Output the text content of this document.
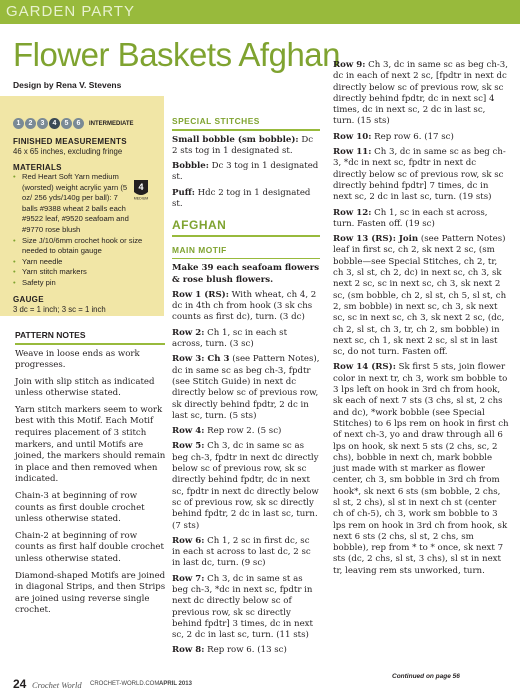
GARDEN PARTY
Flower Baskets Afghan
Design by Rena V. Stevens
1	2	3	4	5	6	INTERMEDIATE
FINISHED MEASUREMENTS
46 x 65 inches, excluding fringe
MATERIALS
4
MEDIUM
• Red Heart Soft Yarn medium (worsted) weight acrylic yarn (5 oz/ 256 yds/140g per ball): 7 balls #9388 wheat 2 balls each #9522 leaf, #9520 seafoam and #9770 rose blush
• Size J/10/6mm crochet hook or size needed to obtain gauge
• Yarn needle
• Yarn stitch markers
• Safety pin
GAUGE
3 dc = 1 inch; 3 sc = 1 inch
PATTERN NOTES

Weave in loose ends as work progresses.

Join with slip stitch as indicated unless otherwise stated.

Yarn stitch markers seem to work best with this Motif. Each Motif requires placement of 3 stitch markers, and until Motifs are joined, the markers should remain in place and then removed when indicated.

Chain-3 at beginning of row counts as first double crochet unless otherwise stated.

Chain-2 at beginning of row counts as first half double crochet unless otherwise stated.

Diamond-shaped Motifs are joined in diagonal Strips, and then Strips are joined using reverse single crochet.

SPECIAL STITCHES

Small bobble (sm bobble): Dc 2 sts tog in 1 designated st.

Bobble: Dc 3 tog in 1 designated st.

Puff: Hdc 2 tog in 1 designated st.

AFGHAN
MAIN MOTIF

Make 39 each seafoam flowers & rose blush flowers.

Row 1 (RS): With wheat, ch 4, 2 dc in 4th ch from hook (3 sk chs counts as first dc), turn. (3 dc)

Row 2: Ch 1, sc in each st across, turn. (3 sc)

Row 3: Ch 3 (see Pattern Notes), dc in same sc as beg ch-3, fpdtr (see Stitch Guide) in next dc directly below sc of previous row, sk directly behind fpdtr, 2 dc in last sc, turn. (5 sts)

Row 4: Rep row 2. (5 sc)

Row 5: Ch 3, dc in same sc as beg ch-3, fpdtr in next dc directly below sc of previous row, sk sc directly behind fpdtr, dc in next sc, fpdtr in next dc directly below sc of previous row, sk sc directly behind fpdtr, 2 dc in last sc, turn. (7 sts)

Row 6: Ch 1, 2 sc in first dc, sc in each st across to last dc, 2 sc in last dc, turn. (9 sc)

Row 7: Ch 3, dc in same st as beg ch-3, *dc in next sc, fpdtr in next dc directly below sc of previous row, sk sc directly behind fpdtr] 3 times, dc in next sc, 2 dc in last sc, turn. (11 sts)

Row 8: Rep row 6. (13 sc)

Row 9: Ch 3, dc in same sc as beg ch-3, dc in each of next 2 sc, [fpdtr in next dc directly below sc of previous row, sk sc directly behind fpdtr, dc in next sc] 4 times, dc in next sc, 2 dc in last sc, turn. (15 sts)

Row 10: Rep row 6. (17 sc)

Row 11: Ch 3, dc in same sc as beg ch-3, *dc in next sc, fpdtr in next dc directly below sc of previous row, sk sc directly behind fpdtr] 7 times, dc in next sc, 2 dc in last sc, turn. (19 sts)

Row 12: Ch 1, sc in each st across, turn. Fasten off. (19 sc)

Row 13 (RS): Join (see Pattern Notes) leaf in first sc, ch 2, sk next 2 sc, (sm bobble—see Special Stitches, ch 2, tr, ch 3, sl st, ch 2, dc) in next sc, ch 3, sk next 2 sc, sc in next sc, ch 3, sk next 2 sc, (sm bobble, ch 2, sl st, ch 5, sl st, ch 2, sm bobble) in next sc, ch 3, sk next sc, sc in next sc, ch 3, sk next 2 sc, (dc, ch 2, sl st, ch 3, tr, ch 2, sm bobble) in next sc, ch 1, sk next 2 sc, sl st in last sc, do not turn. Fasten off.

Row 14 (RS): Sk first 5 sts, join flower color in next tr, ch 3, work sm bobble to 3 lps left on hook in 3rd ch from hook, sk each of next 7 sts (3 chs, sl st, 2 chs and dc), *work bobble (see Special Stitches) to 6 lps rem on hook in first ch of next ch-3, yo and draw through all 6 lps on hook, sk next 5 sts (2 chs, sc, 2 chs), bobble in next ch, mark bobble just made with st marker as flower center, ch 3, sm bobble in 3rd ch from hook*, sk next 6 sts (sm bobble, 2 chs, sl st, 2 chs), sl st in next ch st (center ch of ch-5), ch 3, work sm bobble to 3 lps rem on hook in 3rd ch from hook, sk next 6 sts (2 chs, sl st, 2 chs, sm bobble), rep from * to * once, sk next 7 sts (dc, 2 chs, sl st, 3 chs), sl st in next tr, leaving rem sts unworked, turn.

24 Crochet World CROCHET-WORLD.COM APRIL 2013
Continued on page 56
